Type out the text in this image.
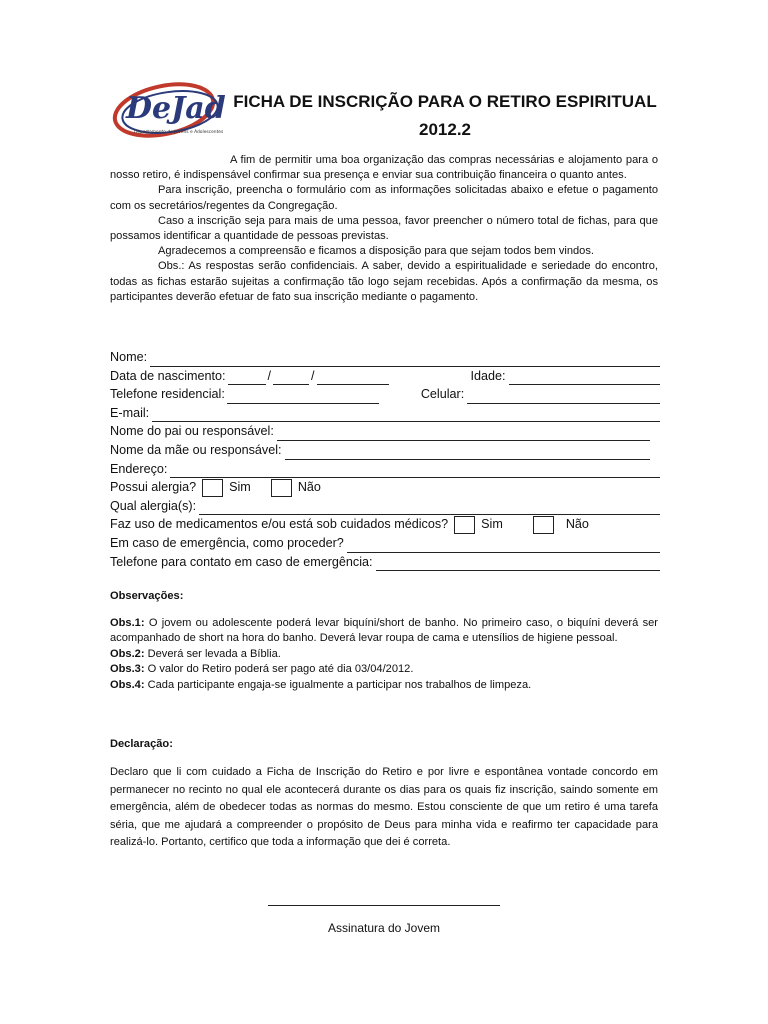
DeJad
Departamento de Jovens e Adolescentes
FICHA DE INSCRIÇÃO PARA O RETIRO ESPIRITUAL
2012.2

A fim de permitir uma boa organização das compras necessárias e alojamento para o nosso retiro, é indispensável confirmar sua presença e enviar sua contribuição financeira o quanto antes.

Para inscrição, preencha o formulário com as informações solicitadas abaixo e efetue o pagamento com os secretários/regentes da Congregação.

Caso a inscrição seja para mais de uma pessoa, favor preencher o número total de fichas, para que possamos identificar a quantidade de pessoas previstas.

Agradecemos a compreensão e ficamos a disposição para que sejam todos bem vindos.

Obs.: As respostas serão confidenciais. A saber, devido a espiritualidade e seriedade do encontro, todas as fichas estarão sujeitas a confirmação tão logo sejam recebidas. Após a confirmação da mesma, os participantes deverão efetuar de fato sua inscrição mediante o pagamento.

Nome:
Data de nascimento:	/	/	Idade:
Telefone residencial:	Celular:
E-mail:
Nome do pai ou responsável:
Nome da mãe ou responsável:
Endereço:
Possui alergia?	Sim	Não
Qual alergia(s):
Faz uso de medicamentos e/ou está sob cuidados médicos?	Sim	Não
Em caso de emergência, como proceder?
Telefone para contato em caso de emergência:
Observações:

Obs.1: O jovem ou adolescente poderá levar biquíni/short de banho. No primeiro caso, o biquíni deverá ser acompanhado de short na hora do banho. Deverá levar roupa de cama e utensílios de higiene pessoal.

Obs.2: Deverá ser levada a Bíblia.

Obs.3: O valor do Retiro poderá ser pago até dia 03/04/2012.

Obs.4: Cada participante engaja-se igualmente a participar nos trabalhos de limpeza.

Declaração:
Declaro que li com cuidado a Ficha de Inscrição do Retiro e por livre e espontânea vontade concordo em permanecer no recinto no qual ele acontecerá durante os dias para os quais fiz inscrição, saindo somente em emergência, além de obedecer todas as normas do mesmo. Estou consciente de que um retiro é uma tarefa séria, que me ajudará a compreender o propósito de Deus para minha vida e reafirmo ter capacidade para realizá-lo. Portanto, certifico que toda a informação que dei é correta.
Assinatura do Jovem
